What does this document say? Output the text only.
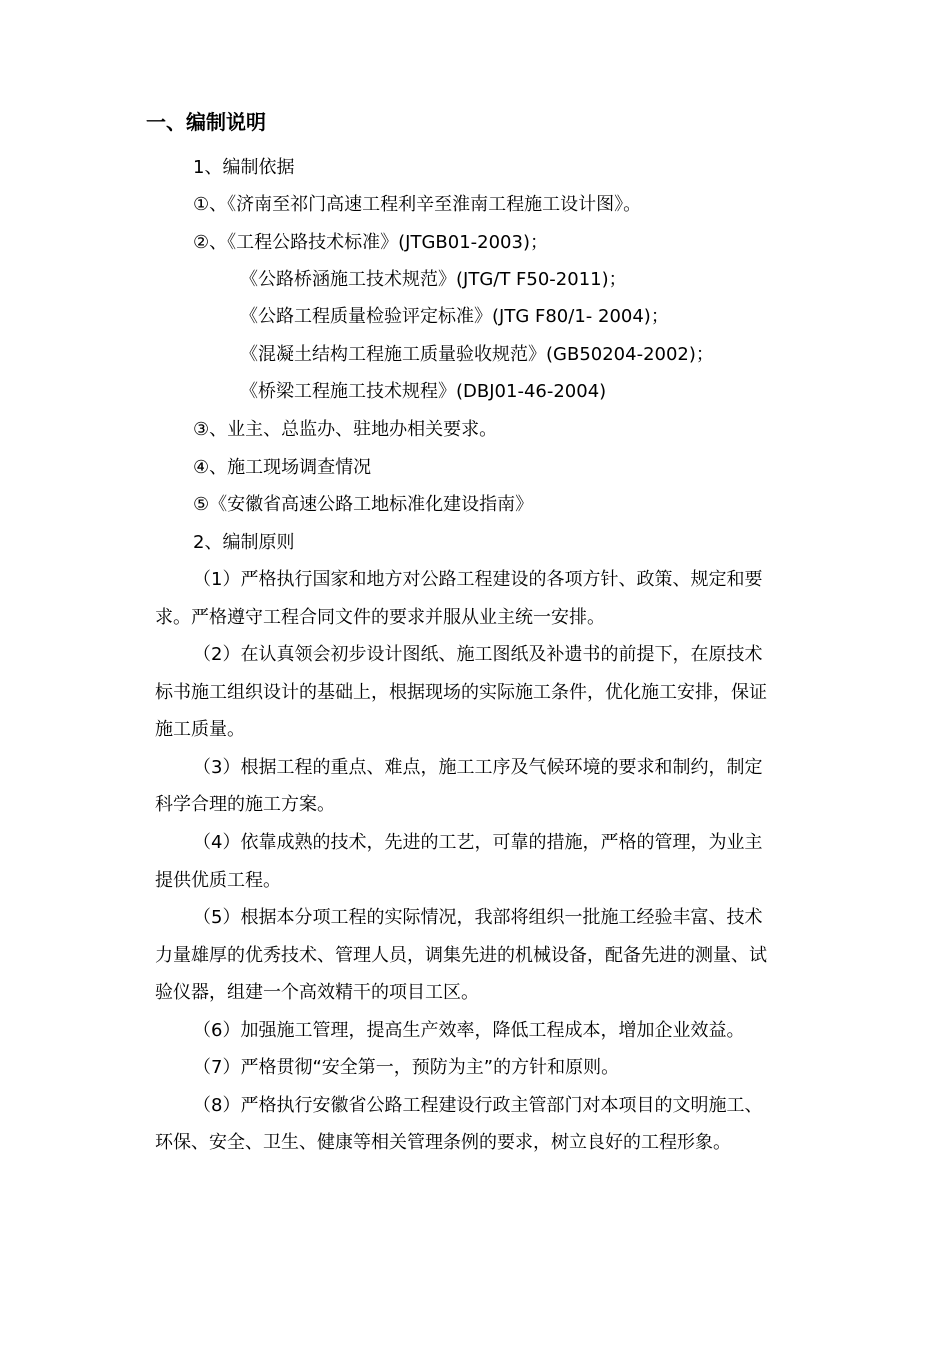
一、编制说明
1、编制依据
①、《济南至祁门高速工程利辛至淮南工程施工设计图》。
②、《工程公路技术标准》(JTGB01-2003)；
《公路桥涵施工技术规范》(JTG/T F50-2011)；
《公路工程质量检验评定标准》(JTG F80/1- 2004)；
《混凝土结构工程施工质量验收规范》(GB50204-2002)；
《桥梁工程施工技术规程》(DBJ01-46-2004)
③、业主、总监办、驻地办相关要求。
④、施工现场调查情况
⑤《安徽省高速公路工地标准化建设指南》
2、编制原则
（1）严格执行国家和地方对公路工程建设的各项方针、政策、规定和要
求。严格遵守工程合同文件的要求并服从业主统一安排。
（2）在认真领会初步设计图纸、施工图纸及补遗书的前提下，在原技术
标书施工组织设计的基础上，根据现场的实际施工条件，优化施工安排，保证
施工质量。
（3）根据工程的重点、难点，施工工序及气候环境的要求和制约，制定
科学合理的施工方案。
（4）依靠成熟的技术，先进的工艺，可靠的措施，严格的管理，为业主
提供优质工程。
（5）根据本分项工程的实际情况，我部将组织一批施工经验丰富、技术
力量雄厚的优秀技术、管理人员，调集先进的机械设备，配备先进的测量、试
验仪器，组建一个高效精干的项目工区。
（6）加强施工管理，提高生产效率，降低工程成本，增加企业效益。
（7）严格贯彻“安全第一，预防为主”的方针和原则。
（8）严格执行安徽省公路工程建设行政主管部门对本项目的文明施工、
环保、安全、卫生、健康等相关管理条例的要求，树立良好的工程形象。
